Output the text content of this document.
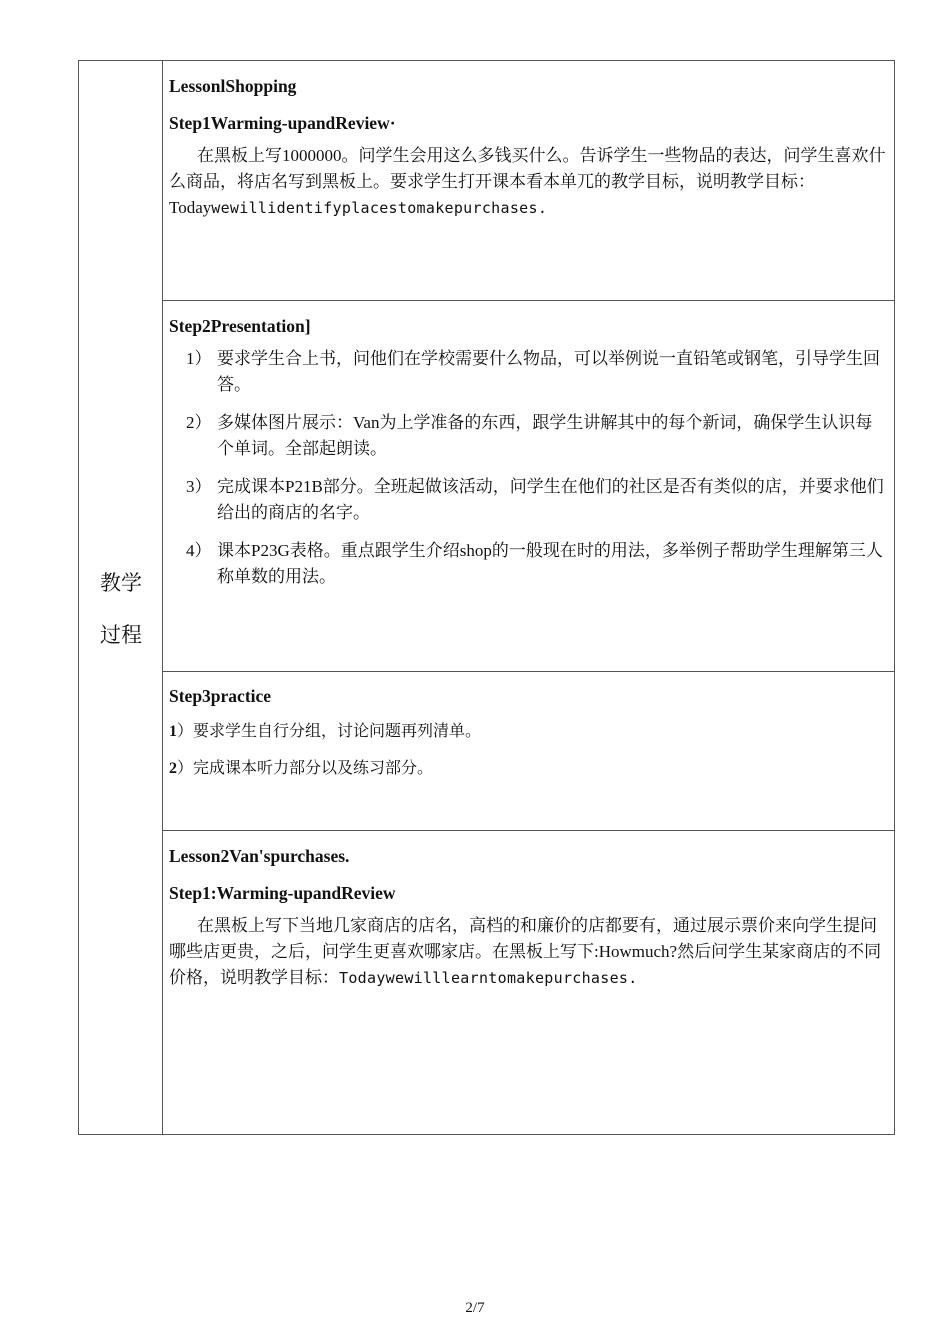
教学
过程
LessonlShopping
Step1Warming-upandReview·
在黑板上写1000000。问学生会用这么多钱买什么。告诉学生一些物品的表达，问学生喜欢什么商品，将店名写到黑板上。要求学生打开课本看本单兀的教学目标，说明教学目标：Todaywewillidentifyplacestomakepurchases.
Step2Presentation]
1） 要求学生合上书，问他们在学校需要什么物品，可以举例说一直铅笔或钢笔，引导学生回答。
2） 多媒体图片展示：Van为上学准备的东西，跟学生讲解其中的每个新词，确保学生认识每个单词。全部起朗读。
3） 完成课本P21B部分。全班起做该活动，问学生在他们的社区是否有类似的店，并要求他们给出的商店的名字。
4） 课本P23G表格。重点跟学生介绍shop的一般现在时的用法，多举例子帮助学生理解第三人称单数的用法。
Step3practice

1）要求学生自行分组，讨论问题再列清单。

2）完成课本听力部分以及练习部分。

Lesson2Van'spurchases.
Step1:Warming-upandReview
在黑板上写下当地几家商店的店名，高档的和廉价的店都要有，通过展示票价来向学生提问哪些店更贵，之后，问学生更喜欢哪家店。在黑板上写下:Howmuch?然后问学生某家商店的不同价格，说明教学目标：Todaywewilllearntomakepurchases.
2/7
